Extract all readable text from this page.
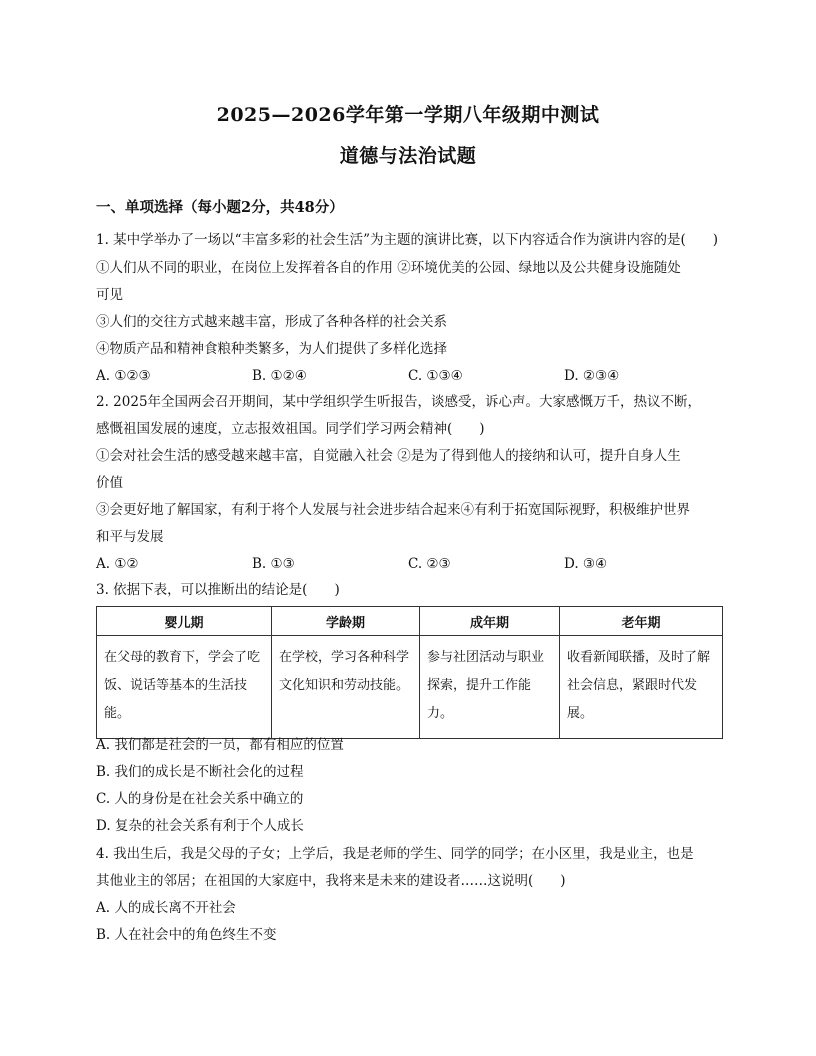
2025—2026学年第一学期八年级期中测试
道德与法治试题
一、单项选择（每小题2分，共48分）
1. 某中学举办了一场以“丰富多彩的社会生活”为主题的演讲比赛，以下内容适合作为演讲内容的是(　　)
①人们从不同的职业，在岗位上发挥着各自的作用 ②环境优美的公园、绿地以及公共健身设施随处
可见
③人们的交往方式越来越丰富，形成了各种各样的社会关系
④物质产品和精神食粮种类繁多，为人们提供了多样化选择
A. ①②③	B. ①②④	C. ①③④	D. ②③④
2. 2025年全国两会召开期间，某中学组织学生听报告，谈感受，诉心声。大家感慨万千，热议不断，
感慨祖国发展的速度，立志报效祖国。同学们学习两会精神(　　)
①会对社会生活的感受越来越丰富，自觉融入社会 ②是为了得到他人的接纳和认可，提升自身人生
价值
③会更好地了解国家，有利于将个人发展与社会进步结合起来④有利于拓宽国际视野，积极维护世界
和平与发展
A. ①②	B. ①③	C. ②③	D. ③④
3. 依据下表，可以推断出的结论是(　　)
婴儿期	学龄期	成年期	老年期
在父母的教育下，学会了吃饭、说话等基本的生活技能。	在学校，学习各种科学文化知识和劳动技能。	参与社团活动与职业探索，提升工作能力。	收看新闻联播，及时了解社会信息，紧跟时代发展。
A. 我们都是社会的一员，都有相应的位置
B. 我们的成长是不断社会化的过程
C. 人的身份是在社会关系中确立的
D. 复杂的社会关系有利于个人成长
4. 我出生后，我是父母的子女；上学后，我是老师的学生、同学的同学；在小区里，我是业主，也是
其他业主的邻居；在祖国的大家庭中，我将来是未来的建设者……这说明(　　)
A. 人的成长离不开社会
B. 人在社会中的角色终生不变
